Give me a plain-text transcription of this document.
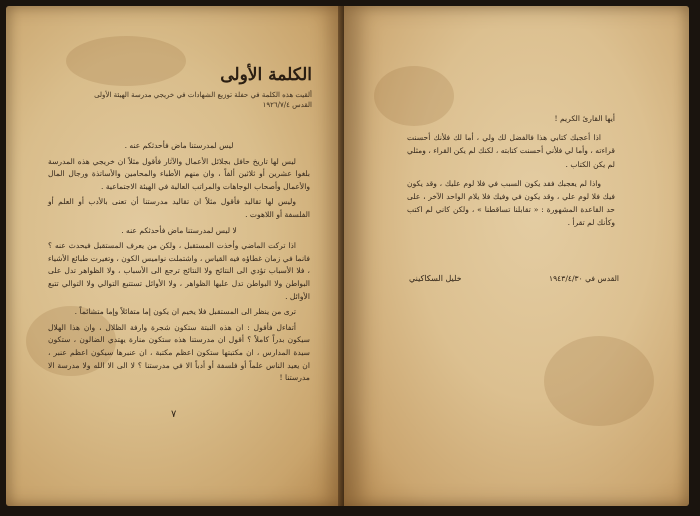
الكلمة الأولى
ألقيت هذه الكلمة في حفلة توزيع الشهادات في خريجي مدرسة الهيئة الأولى
القدس ١٩٢٦/٧/٤

ليس لمدرستنا ماض فأحدثكم عنه .

ليس لها تاريخ حافل بجلائل الأعمال والآثار فأقول مثلاً ان خريجي هذه المدرسة بلغوا عشرين أو ثلاثين ألفاً ، وان منهم الأطباء والمحامين والأساتذة ورجال المال والأعمال وأصحاب الوجاهات والمراتب العالية في الهيئة الاجتماعية .

وليس لها تقاليد فأقول مثلاً ان تقاليد مدرستنا أن تعنى بالأدب أو العلم أو الفلسفة أو اللاهوت .

لا ليس لمدرستنا ماض فأحدثكم عنه .

اذا تركت الماضي وأخذت المستقبل ، ولكن من يعرف المستقبل فيحدث عنه ؟ فانما في زمان غطاؤه فيه القياس ، واشتملت نواميس الكون ، وتغيرت طبائع الأشياء ، فلا الأسباب تؤدي الى النتائج ولا النتائج ترجع الى الأسباب ، ولا الظواهر تدل على البواطن ولا البواطن تدل عليها الظواهر ، ولا الأوائل تستتبع التوالي ولا التوالي تتبع الأوائل .

ترى من ينظر الى المستقبل فلا يخيم ان يكون إما متفائلاً وإما متشائماً .

أتفاءل فأقول : ان هذه النبتة ستكون شجرة وارفة الظلال ، وان هذا الهلال سيكون بدراً كاملاً ؟ أقول ان مدرستنا هذه ستكون منارة يهتدي الضالون ، ستكون سيدة المدارس ، ان مكتبتها ستكون اعظم مكتبة ، ان عنبرها سيكون اعظم عنبر ، ان يعيد الناس علماً أو فلسفة أو أدباً الا في مدرستنا ؟ لا الى الا الله ولا مدرسة الا مدرستنا !

٧

أيها القارئ الكريم !

اذا أعجبك كتابي هذا فالفضل لك ولي ، أما لك فلأنك أحسنت قراءته ، وأما لي فلأني أحسنت كتابته ، لكنك لم يكن القراء ، ومثلي لم يكن الكتاب .

واذا لم يعجبك فقد يكون السبب في فلا لوم عليك ، وقد يكون فيك فلا لوم علي ، وقد يكون في وفيك فلا يلام الواحد الآخر ، على حد القاعدة المشهورة : « تقابلنا تساقطنا » ، ولكن كاني لم اكتب وكأنك لم تقرأ .

القدس في ١٩٤٣/٤/٣٠
خليل السكاكيني
